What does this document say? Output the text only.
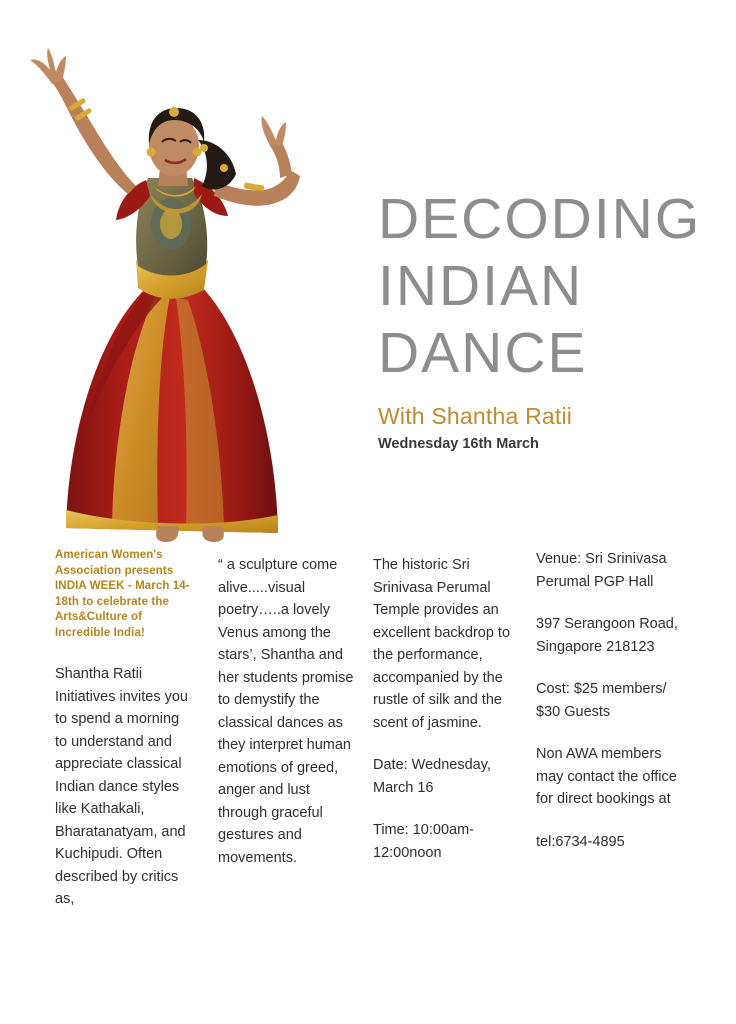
DECODING
INDIAN
DANCE
With Shantha Ratii
Wednesday 16th March

American Women's Association presents INDIA WEEK - March 14-18th to celebrate the Arts&Culture of Incredible India!

Shantha Ratii Initiatives invites you to spend a morning to understand and appreciate classical Indian dance styles like Kathakali, Bharatanatyam, and Kuchipudi. Often described by critics as,

“ a sculpture come alive.....visual poetry…..a lovely Venus among the stars’, Shantha and her students promise to demystify the classical dances as they interpret human emotions of greed, anger and lust through graceful gestures and movements.

The historic Sri Srinivasa Perumal Temple provides an excellent backdrop to the performance, accompanied by the rustle of silk and the scent of jasmine.

Date: Wednesday, March 16

Time: 10:00am-12:00noon

Venue: Sri Srinivasa Perumal PGP Hall

397 Serangoon Road, Singapore 218123

Cost: $25 members/ $30 Guests

Non AWA members may contact the office for direct bookings at

tel:6734-4895
